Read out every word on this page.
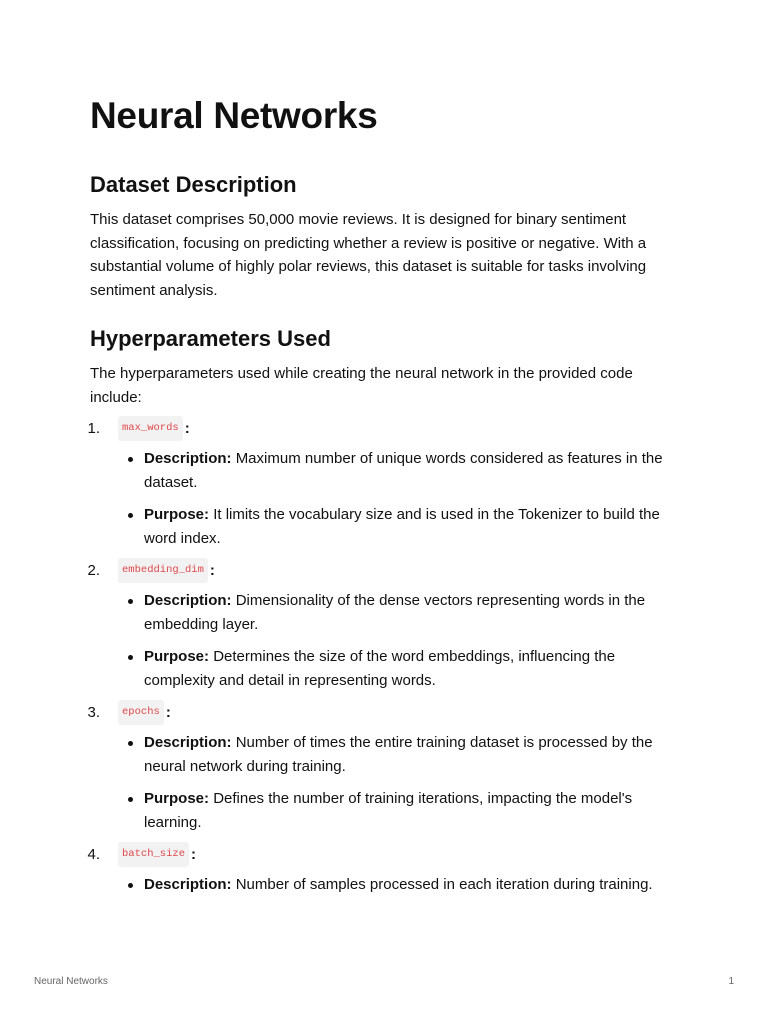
Neural Networks
Dataset Description

This dataset comprises 50,000 movie reviews. It is designed for binary sentiment classification, focusing on predicting whether a review is positive or negative. With a substantial volume of highly polar reviews, this dataset is suitable for tasks involving sentiment analysis.

Hyperparameters Used

The hyperparameters used while creating the neural network in the provided code include:

1.	max_words :
Description: Maximum number of unique words considered as features in the dataset.
Purpose: It limits the vocabulary size and is used in the Tokenizer to build the word index.
2.	embedding_dim :
Description: Dimensionality of the dense vectors representing words in the embedding layer.
Purpose: Determines the size of the word embeddings, influencing the complexity and detail in representing words.
3.	epochs :
Description: Number of times the entire training dataset is processed by the neural network during training.
Purpose: Defines the number of training iterations, impacting the model's learning.
4.	batch_size :
Description: Number of samples processed in each iteration during training.
Neural Networks	1
